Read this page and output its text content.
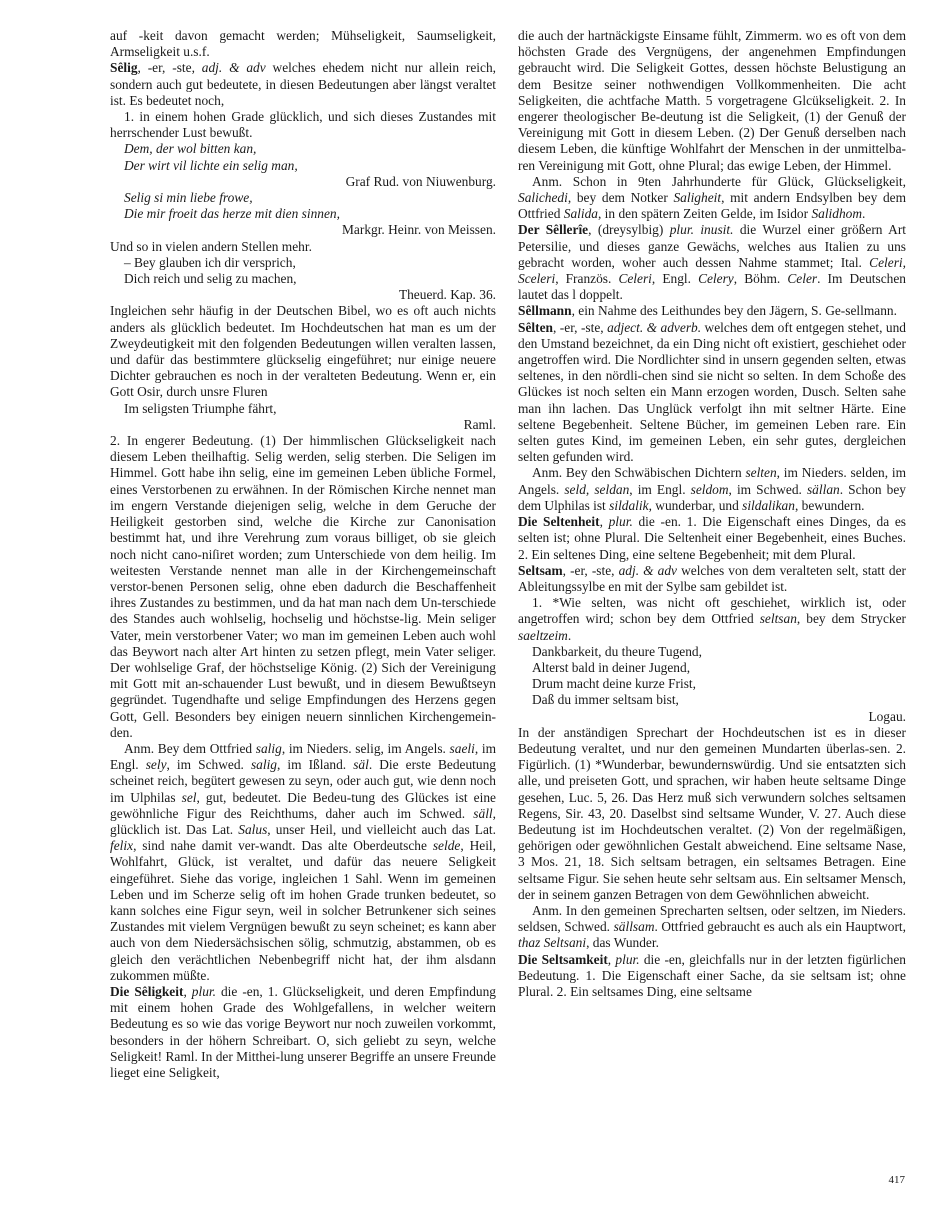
auf -keit davon gemacht werden; Mühseligkeit, Saumseligkeit, Armseligkeit u.s.f.

Sêlig, -er, -ste, adj. & adv welches ehedem nicht nur allein reich, sondern auch gut bedeutete, in diesen Bedeutungen aber längst veraltet ist. Es bedeutet noch,

1. in einem hohen Grade glücklich, und sich dieses Zustandes mit herrschender Lust bewußt.

Dem, der wol bitten kan,

Der wirt vil lichte ein selig man,

Graf Rud. von Niuwenburg.

Selig si min liebe frowe,

Die mir froeit das herze mit dien sinnen,

Markgr. Heinr. von Meissen.

Und so in vielen andern Stellen mehr.

– Bey glauben ich dir versprich,

Dich reich und selig zu machen,

Theuerd. Kap. 36.

Ingleichen sehr häufig in der Deutschen Bibel, wo es oft auch nichts anders als glücklich bedeutet. Im Hochdeutschen hat man es um der Zweydeutigkeit mit den folgenden Bedeutungen willen veralten lassen, und dafür das bestimmtere glückselig eingeführet; nur einige neuere Dichter gebrauchen es noch in der veralteten Bedeutung. Wenn er, ein Gott Osir, durch unsre Fluren

Im seligsten Triumphe fährt,

Raml.

2. In engerer Bedeutung. (1) Der himmlischen Glückseligkeit nach diesem Leben theilhaftig. Selig werden, selig sterben. Die Seligen im Himmel. Gott habe ihn selig, eine im gemeinen Leben übliche Formel, eines Verstorbenen zu erwähnen. In der Römischen Kirche nennet man im engern Verstande diejenigen selig, welche in dem Geruche der Heiligkeit gestorben sind, welche die Kirche zur Canonisation bestimmt hat, und ihre Verehrung zum voraus billiget, ob sie gleich noch nicht cano-niſiret worden; zum Unterschiede von dem heilig. Im weitesten Verstande nennet man alle in der Kirchengemeinschaft verstor-benen Personen selig, ohne eben dadurch die Beschaffenheit ihres Zustandes zu bestimmen, und da hat man nach dem Un-terschiede des Standes auch wohlselig, hochselig und höchstse-lig. Mein seliger Vater, mein verstorbener Vater; wo man im gemeinen Leben auch wohl das Beywort nach alter Art hinten zu setzen pflegt, mein Vater seliger. Der wohlselige Graf, der höchstselige König. (2) Sich der Vereinigung mit Gott mit an-schauender Lust bewußt, und in diesem Bewußtseyn gegründet. Tugendhafte und selige Empfindungen des Herzens gegen Gott, Gell. Besonders bey einigen neuern sinnlichen Kirchengemein-den.

Anm. Bey dem Ottfried salig, im Nieders. selig, im Angels. saeli, im Engl. sely, im Schwed. salig, im Ißland. säl. Die erste Bedeutung scheinet reich, begütert gewesen zu seyn, oder auch gut, wie denn noch im Ulphilas sel, gut, bedeutet. Die Bedeu-tung des Glückes ist eine gewöhnliche Figur des Reichthums, daher auch im Schwed. säll, glücklich ist. Das Lat. Salus, unser Heil, und vielleicht auch das Lat. felix, sind nahe damit ver-wandt. Das alte Oberdeutsche selde, Heil, Wohlfahrt, Glück, ist veraltet, und dafür das neuere Seligkeit eingeführet. Siehe das vorige, ingleichen 1 Sahl. Wenn im gemeinen Leben und im Scherze selig oft im hohen Grade trunken bedeutet, so kann solches eine Figur seyn, weil in solcher Betrunkener sich seines Zustandes mit vielem Vergnügen bewußt zu seyn scheinet; es kann aber auch von dem Niedersächsischen sölig, schmutzig, abstammen, ob es gleich den verächtlichen Nebenbegriff nicht hat, der ihm alsdann zukommen müßte.

Die Sêligkeit, plur. die -en, 1. Glückseligkeit, und deren Empfindung mit einem hohen Grade des Wohlgefallens, in welcher weitern Bedeutung es so wie das vorige Beywort nur noch zuweilen vorkommt, besonders in der höhern Schreibart. O, sich geliebt zu seyn, welche Seligkeit! Raml. In der Mitthei-lung unserer Begriffe an unsere Freunde lieget eine Seligkeit,

die auch der hartnäckigste Einsame fühlt, Zimmerm. wo es oft von dem höchsten Grade des Vergnügens, der angenehmen Empfindungen gebraucht wird. Die Seligkeit Gottes, dessen höchste Belustigung an dem Besitze seiner nothwendigen Vollkommenheiten. Die acht Seligkeiten, die achtfache Matth. 5 vorgetragene Glcükseligkeit. 2. In engerer theologischer Be-deutung ist die Seligkeit, (1) der Genuß der Vereinigung mit Gott in diesem Leben. (2) Der Genuß derselben nach diesem Leben, die künftige Wohlfahrt der Menschen in der unmittelba-ren Vereinigung mit Gott, ohne Plural; das ewige Leben, der Himmel.

Anm. Schon in 9ten Jahrhunderte für Glück, Glückseligkeit, Salichedi, bey dem Notker Saligheit, mit andern Endsylben bey dem Ottfried Salida, in den spätern Zeiten Gelde, im Isidor Salidhom.

Der Sêllerîe, (dreysylbig) plur. inusit. die Wurzel einer größern Art Petersilie, und dieses ganze Gewächs, welches aus Italien zu uns gebracht worden, woher auch dessen Nahme stammet; Ital. Celeri, Sceleri, Französ. Celeri, Engl. Celery, Böhm. Celer. Im Deutschen lautet das l doppelt.

Sêllmann, ein Nahme des Leithundes bey den Jägern, S. Ge-sellmann.

Sêlten, -er, -ste, adject. & adverb. welches dem oft entgegen stehet, und den Umstand bezeichnet, da ein Ding nicht oft existiert, geschiehet oder angetroffen wird. Die Nordlichter sind in unsern gegenden selten, etwas seltenes, in den nördli-chen sind sie nicht so selten. In dem Schoße des Glückes ist noch selten ein Mann erzogen worden, Dusch. Selten sahe man ihn lachen. Das Unglück verfolgt ihn mit seltner Härte. Eine seltene Begebenheit. Seltene Bücher, im gemeinen Leben rare. Ein selten gutes Kind, im gemeinen Leben, ein sehr gutes, dergleichen selten gefunden wird.

Anm. Bey den Schwäbischen Dichtern selten, im Nieders. selden, im Angels. seld, seldan, im Engl. seldom, im Schwed. sällan. Schon bey dem Ulphilas ist sildalik, wunderbar, und sildalikan, bewundern.

Die Seltenheit, plur. die -en. 1. Die Eigenschaft eines Dinges, da es selten ist; ohne Plural. Die Seltenheit einer Begebenheit, eines Buches. 2. Ein seltenes Ding, eine seltene Begebenheit; mit dem Plural.

Seltsam, -er, -ste, adj. & adv welches von dem veralteten selt, statt der Ableitungssylbe en mit der Sylbe sam gebildet ist.

1. *Wie selten, was nicht oft geschiehet, wirklich ist, oder angetroffen wird; schon bey dem Ottfried seltsan, bey dem Strycker saeltzeim.

Dankbarkeit, du theure Tugend,

Alterst bald in deiner Jugend,

Drum macht deine kurze Frist,

Daß du immer seltsam bist,

Logau.

In der anständigen Sprechart der Hochdeutschen ist es in dieser Bedeutung veraltet, und nur den gemeinen Mundarten überlas-sen. 2. Figürlich. (1) *Wunderbar, bewundernswürdig. Und sie entsatzten sich alle, und preiseten Gott, und sprachen, wir haben heute seltsame Dinge gesehen, Luc. 5, 26. Das Herz muß sich verwundern solches seltsamen Regens, Sir. 43, 20. Daselbst sind seltsame Wunder, V. 27. Auch diese Bedeutung ist im Hochdeutschen veraltet. (2) Von der regelmäßigen, gehörigen oder gewöhnlichen Gestalt abweichend. Eine seltsame Nase, 3 Mos. 21, 18. Sich seltsam betragen, ein seltsames Betragen. Eine seltsame Figur. Sie sehen heute sehr seltsam aus. Ein seltsamer Mensch, der in seinem ganzen Betragen von dem Gewöhnlichen abweicht.

Anm. In den gemeinen Sprecharten seltsen, oder seltzen, im Nieders. seldsen, Schwed. sällsam. Ottfried gebraucht es auch als ein Hauptwort, thaz Seltsani, das Wunder.

Die Seltsamkeit, plur. die -en, gleichfalls nur in der letzten figürlichen Bedeutung. 1. Die Eigenschaft einer Sache, da sie seltsam ist; ohne Plural. 2. Ein seltsames Ding, eine seltsame

417
